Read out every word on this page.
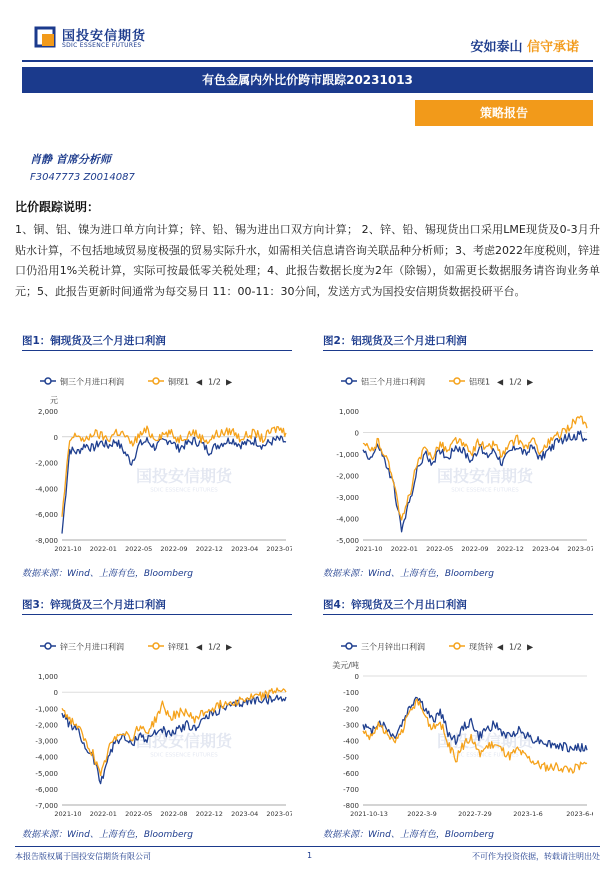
国投安信期货
SDIC ESSENCE FUTURES	安如泰山 信守承诺
有色金属内外比价跨市跟踪20231013
策略报告
肖静 首席分析师
F3047773 Z0014087
比价跟踪说明：
1、铜、铝、镍为进口单方向计算；锌、铅、锡为进出口双方向计算； 2、锌、铅、锡现货出口采用LME现货及0-3月升贴水计算，不包括地域贸易度极强的贸易实际升水，如需相关信息请咨询关联品种分析师；3、考虑2022年度税则，锌进口仍沿用1%关税计算，实际可按最低零关税处理；4、此报告数据长度为2年（除锡），如需更长数据服务请咨询业务单元；5、此报告更新时间通常为每交易日 11：00-11：30分间，发送方式为国投安信期货数据投研平台。
图1：铜现货及三个月进口利润
铜三个月进口利润	铜现1 ◀ 1/2 ▶
元
2,000
0
-2,000
-4,000
-6,000
-8,000
2021-10 2022-01 2022-05 2022-09 2022-12 2023-04 2023-07
国投安信期货
SDIC ESSENCE FUTURES
数据来源：Wind、上海有色，Bloomberg
图2：铝现货及三个月进口利润
铝三个月进口利润	铝现1 ◀ 1/2 ▶
1,000
0
-1,000
-2,000
-3,000
-4,000
-5,000
2021-10 2022-01 2022-05 2022-09 2022-12 2023-04 2023-07
国投安信期货
SDIC ESSENCE FUTURES
数据来源：Wind、上海有色，Bloomberg
图3：锌现货及三个月进口利润
锌三个月进口利润	锌现1 ◀ 1/2 ▶
1,000
0
-1,000
-2,000
-3,000
-4,000
-5,000
-6,000
-7,000
2021-10 2022-01 2022-05 2022-08 2022-12 2023-04 2023-07
国投安信期货
SDIC ESSENCE FUTURES
数据来源：Wind、上海有色，Bloomberg
图4：锌现货及三个月出口利润
三个月锌出口利润	现货锌 ◀ 1/2 ▶
美元/吨
0
-100
-200
-300
-400
-500
-600
-700
-800
2021-10-13	2022-3-9	2022-7-29	2023-1-6	2023-6-6
国投安信期货
SDIC ESSENCE FUTURES
数据来源：Wind、上海有色，Bloomberg
本报告版权属于国投安信期货有限公司	1	不可作为投资依据，转载请注明出处
